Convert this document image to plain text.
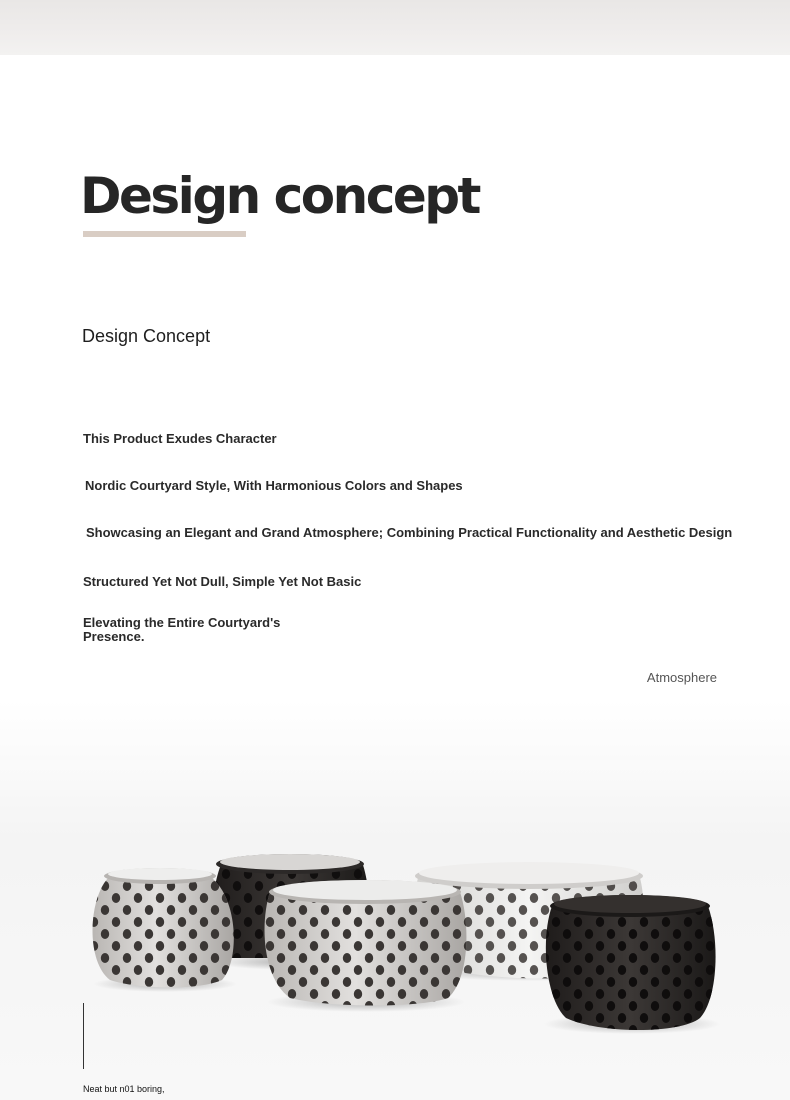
Design concept
Design Concept

This Product Exudes Character

Nordic Courtyard Style, With Harmonious Colors and Shapes

Showcasing an Elegant and Grand Atmosphere; Combining Practical Functionality and Aesthetic Design

Structured Yet Not Dull, Simple Yet Not Basic

Elevating the Entire Courtyard's Presence.

Atmosphere

Neat but n01 boring,
